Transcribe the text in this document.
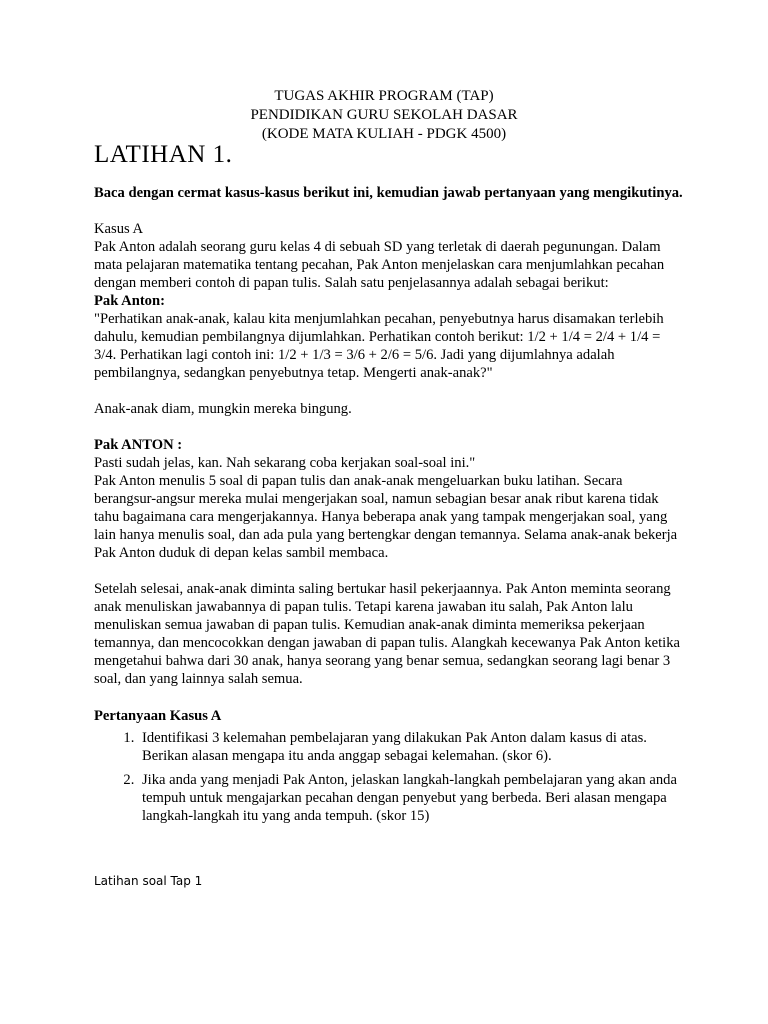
TUGAS AKHIR PROGRAM (TAP)
PENDIDIKAN GURU SEKOLAH DASAR
(KODE MATA KULIAH - PDGK 4500)
LATIHAN 1.

Baca dengan cermat kasus-kasus berikut ini, kemudian jawab pertanyaan yang mengikutinya.

Kasus A

Pak Anton adalah seorang guru kelas 4 di sebuah SD yang terletak di daerah pegunungan. Dalam mata pelajaran matematika tentang pecahan, Pak Anton menjelaskan cara menjumlahkan pecahan dengan memberi contoh di papan tulis. Salah satu penjelasannya adalah sebagai berikut:

Pak Anton:

"Perhatikan anak-anak, kalau kita menjumlahkan pecahan, penyebutnya harus disamakan terlebih dahulu, kemudian pembilangnya dijumlahkan. Perhatikan contoh berikut: 1/2 + 1/4 = 2/4 + 1/4 = 3/4. Perhatikan lagi contoh ini: 1/2 + 1/3 = 3/6 + 2/6 = 5/6. Jadi yang dijumlahnya adalah pembilangnya, sedangkan penyebutnya tetap. Mengerti anak-anak?"

Anak-anak diam, mungkin mereka bingung.

Pak ANTON :

Pasti sudah jelas, kan. Nah sekarang coba kerjakan soal-soal ini."

Pak Anton menulis 5 soal di papan tulis dan anak-anak mengeluarkan buku latihan. Secara berangsur-angsur mereka mulai mengerjakan soal, namun sebagian besar anak ribut karena tidak tahu bagaimana cara mengerjakannya. Hanya beberapa anak yang tampak mengerjakan soal, yang lain hanya menulis soal, dan ada pula yang bertengkar dengan temannya. Selama anak-anak bekerja Pak Anton duduk di depan kelas sambil membaca.

Setelah selesai, anak-anak diminta saling bertukar hasil pekerjaannya. Pak Anton meminta seorang anak menuliskan jawabannya di papan tulis. Tetapi karena jawaban itu salah, Pak Anton lalu menuliskan semua jawaban di papan tulis. Kemudian anak-anak diminta memeriksa pekerjaan temannya, dan mencocokkan dengan jawaban di papan tulis. Alangkah kecewanya Pak Anton ketika mengetahui bahwa dari 30 anak, hanya seorang yang benar semua, sedangkan seorang lagi benar 3 soal, dan yang lainnya salah semua.

Pertanyaan Kasus A

1. Identifikasi 3 kelemahan pembelajaran yang dilakukan Pak Anton dalam kasus di atas. Berikan alasan mengapa itu anda anggap sebagai kelemahan. (skor 6).
2. Jika anda yang menjadi Pak Anton, jelaskan langkah-langkah pembelajaran yang akan anda tempuh untuk mengajarkan pecahan dengan penyebut yang berbeda. Beri alasan mengapa langkah-langkah itu yang anda tempuh. (skor 15)
Latihan soal Tap 1
